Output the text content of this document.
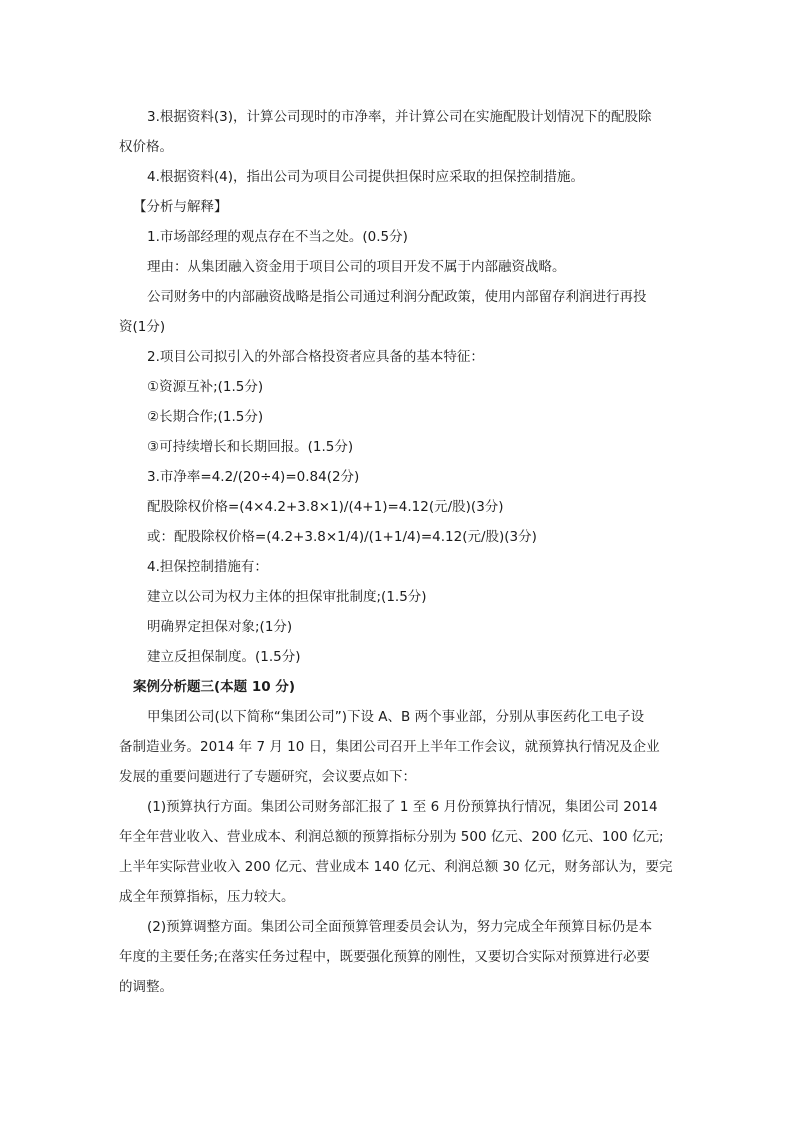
3.根据资料(3)，计算公司现时的市净率，并计算公司在实施配股计划情况下的配股除
权价格。
4.根据资料(4)，指出公司为项目公司提供担保时应采取的担保控制措施。
【分析与解释】
1.市场部经理的观点存在不当之处。(0.5分)
理由：从集团融入资金用于项目公司的项目开发不属于内部融资战略。
公司财务中的内部融资战略是指公司通过利润分配政策，使用内部留存利润进行再投
资(1分)
2.项目公司拟引入的外部合格投资者应具备的基本特征：
①资源互补;(1.5分)
②长期合作;(1.5分)
③可持续增长和长期回报。(1.5分)
3.市净率=4.2/(20÷4)=0.84(2分)
配股除权价格=(4×4.2+3.8×1)/(4+1)=4.12(元/股)(3分)
或：配股除权价格=(4.2+3.8×1/4)/(1+1/4)=4.12(元/股)(3分)
4.担保控制措施有：
建立以公司为权力主体的担保审批制度;(1.5分)
明确界定担保对象;(1分)
建立反担保制度。(1.5分)
案例分析题三(本题 10 分)
甲集团公司(以下简称“集团公司”)下设 A、B 两个事业部，分别从事医药化工电子设
备制造业务。2014 年 7 月 10 日，集团公司召开上半年工作会议，就预算执行情况及企业
发展的重要问题进行了专题研究，会议要点如下：
(1)预算执行方面。集团公司财务部汇报了 1 至 6 月份预算执行情况，集团公司 2014
年全年营业收入、营业成本、利润总额的预算指标分别为 500 亿元、200 亿元、100 亿元;
上半年实际营业收入 200 亿元、营业成本 140 亿元、利润总额 30 亿元，财务部认为，要完
成全年预算指标，压力较大。
(2)预算调整方面。集团公司全面预算管理委员会认为，努力完成全年预算目标仍是本
年度的主要任务;在落实任务过程中，既要强化预算的刚性，又要切合实际对预算进行必要
的调整。
